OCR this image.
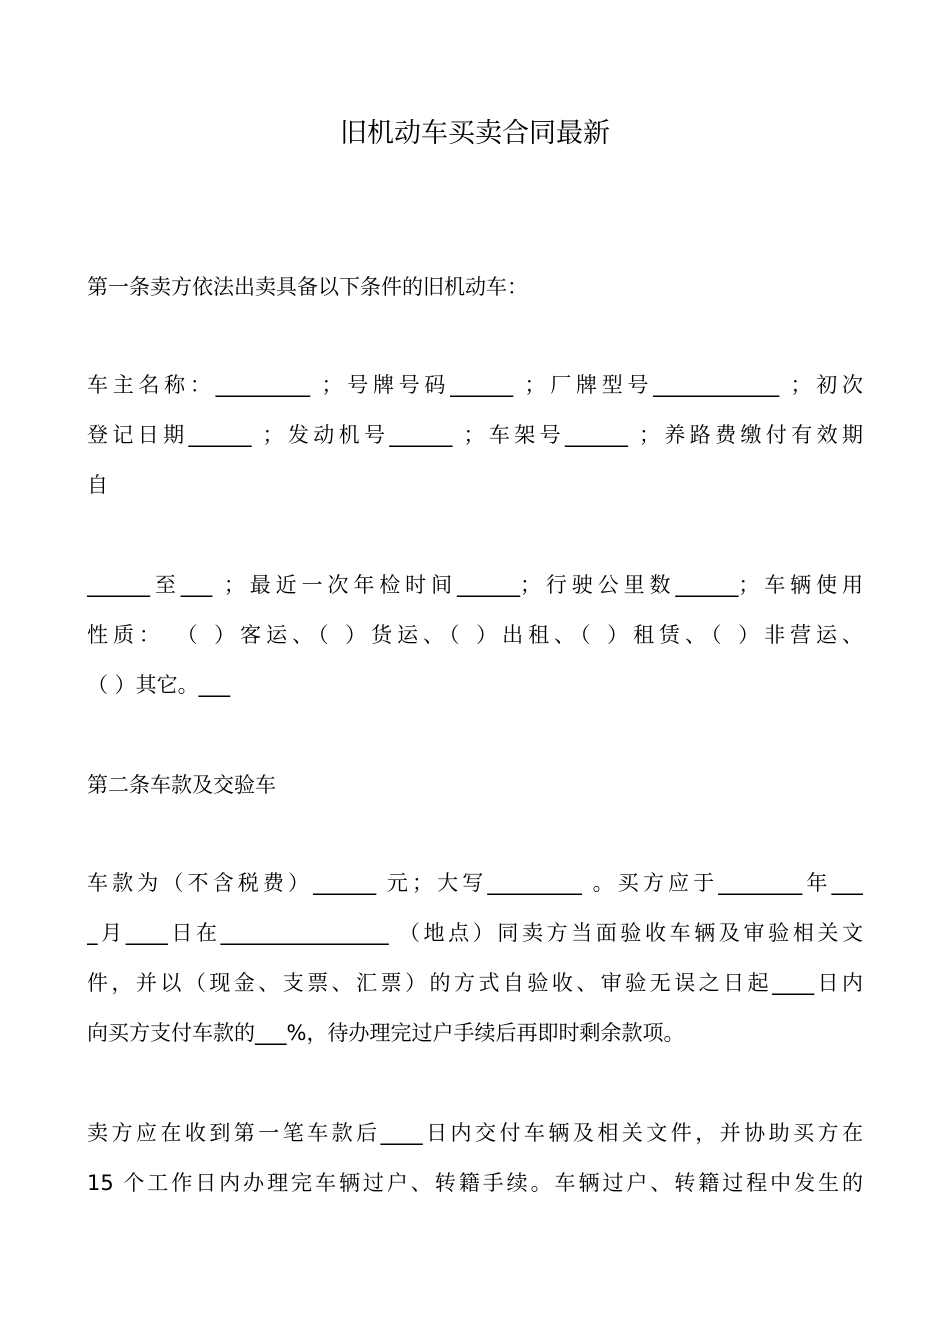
旧机动车买卖合同最新

第一条卖方依法出卖具备以下条件的旧机动车：

车主名称：_________ ；号牌号码______ ；厂牌型号____________ ；初次
登记日期______ ；发动机号______ ；车架号______ ；养路费缴付有效期
自

______至___ ；最近一次年检时间______；行驶公里数______；车辆使用
性质： （ ）客运、（ ）货运、（ ）出租、（ ）租赁、（ ）非营运、
（ ）其它。___

第二条车款及交验车

车款为（不含税费）______ 元；大写_________ 。买方应于________年___
_月____日在________________ （地点）同卖方当面验收车辆及审验相关文
件，并以（现金、支票、汇票）的方式自验收、审验无误之日起____日内
向买方支付车款的___%，待办理完过户手续后再即时剩余款项。

卖方应在收到第一笔车款后____日内交付车辆及相关文件，并协助买方在
15 个工作日内办理完车辆过户、转籍手续。车辆过户、转籍过程中发生的
